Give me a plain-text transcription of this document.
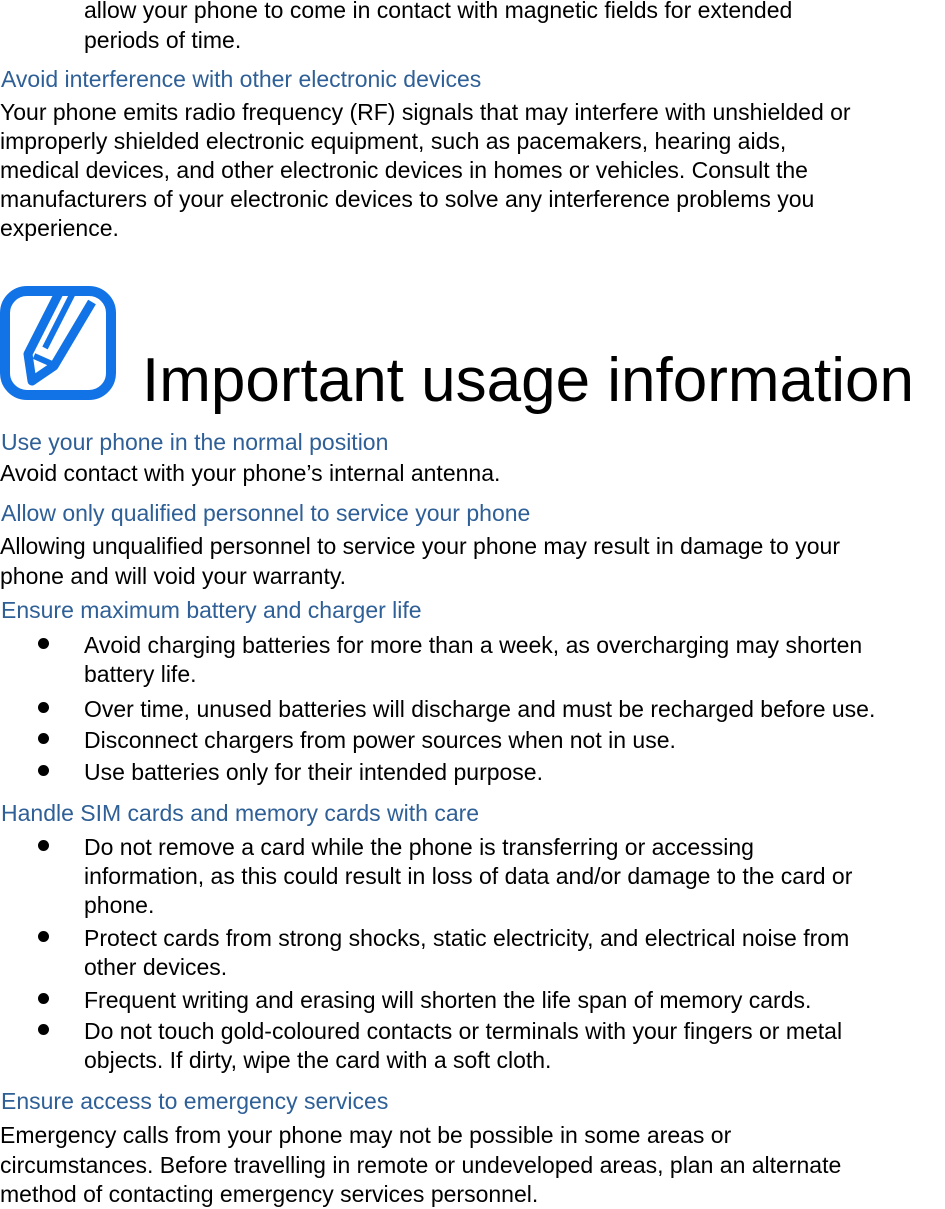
allow your phone to come in contact with magnetic fields for extended
periods of time.
Avoid interference with other electronic devices
Your phone emits radio frequency (RF) signals that may interfere with unshielded or
improperly shielded electronic equipment, such as pacemakers, hearing aids,
medical devices, and other electronic devices in homes or vehicles. Consult the
manufacturers of your electronic devices to solve any interference problems you
experience.
Important usage information
Use your phone in the normal position
Avoid contact with your phone’s internal antenna.
Allow only qualified personnel to service your phone
Allowing unqualified personnel to service your phone may result in damage to your
phone and will void your warranty.
Ensure maximum battery and charger life
Avoid charging batteries for more than a week, as overcharging may shorten
battery life.
Over time, unused batteries will discharge and must be recharged before use.
Disconnect chargers from power sources when not in use.
Use batteries only for their intended purpose.
Handle SIM cards and memory cards with care
Do not remove a card while the phone is transferring or accessing
information, as this could result in loss of data and/or damage to the card or
phone.
Protect cards from strong shocks, static electricity, and electrical noise from
other devices.
Frequent writing and erasing will shorten the life span of memory cards.
Do not touch gold-coloured contacts or terminals with your fingers or metal
objects. If dirty, wipe the card with a soft cloth.
Ensure access to emergency services
Emergency calls from your phone may not be possible in some areas or
circumstances. Before travelling in remote or undeveloped areas, plan an alternate
method of contacting emergency services personnel.
